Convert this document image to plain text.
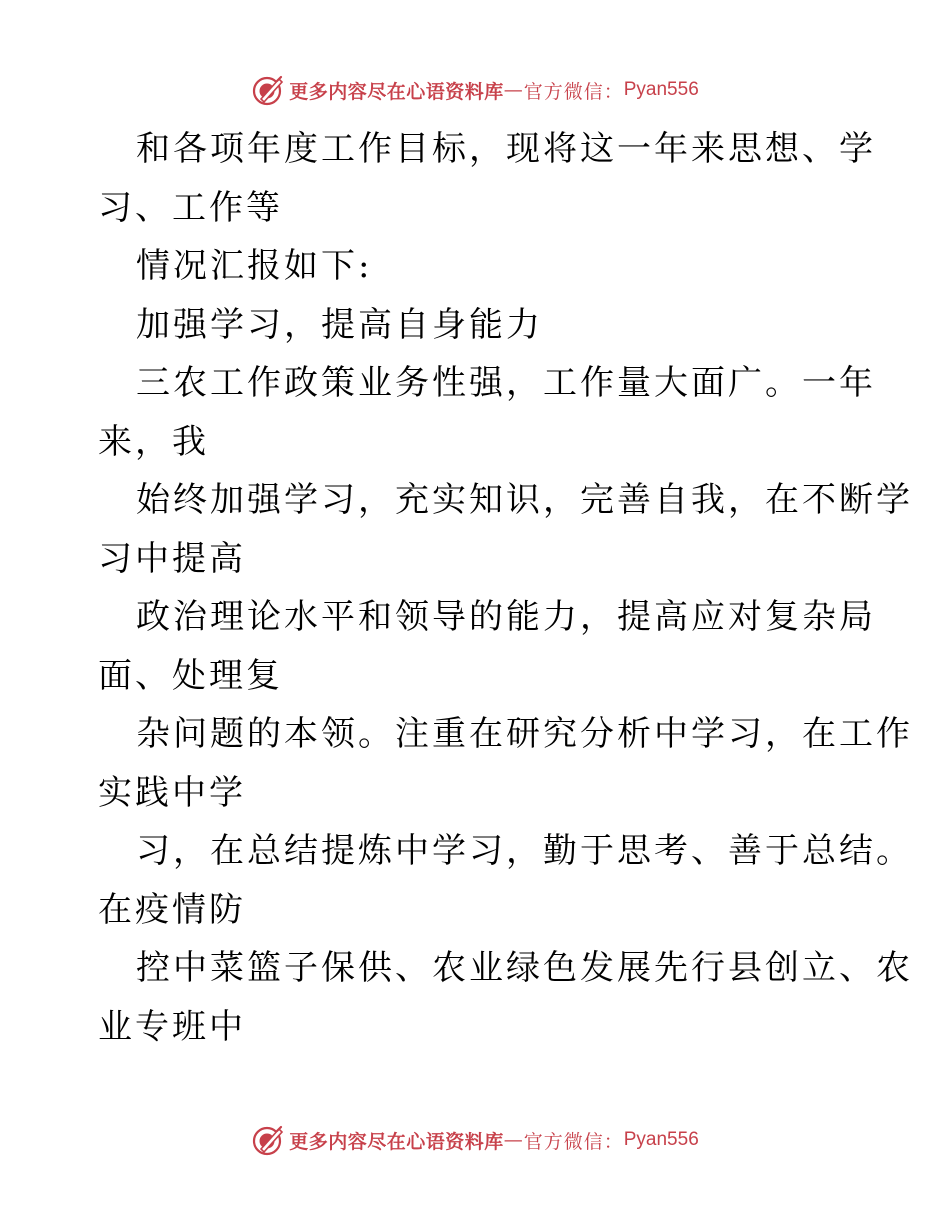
更多内容尽在心语资料库 — 官方微信： Pyan556
和各项年度工作目标，现将这一年来思想、学
习、工作等
情况汇报如下:
加强学习，提高自身能力
三农工作政策业务性强，工作量大面广。一年
来，我
始终加强学习，充实知识，完善自我，在不断学
习中提高
政治理论水平和领导的能力，提高应对复杂局
面、处理复
杂问题的本领。注重在研究分析中学习，在工作
实践中学
习，在总结提炼中学习，勤于思考、善于总结。
在疫情防
控中菜篮子保供、农业绿色发展先行县创立、农
业专班中
更多内容尽在心语资料库 — 官方微信： Pyan556
